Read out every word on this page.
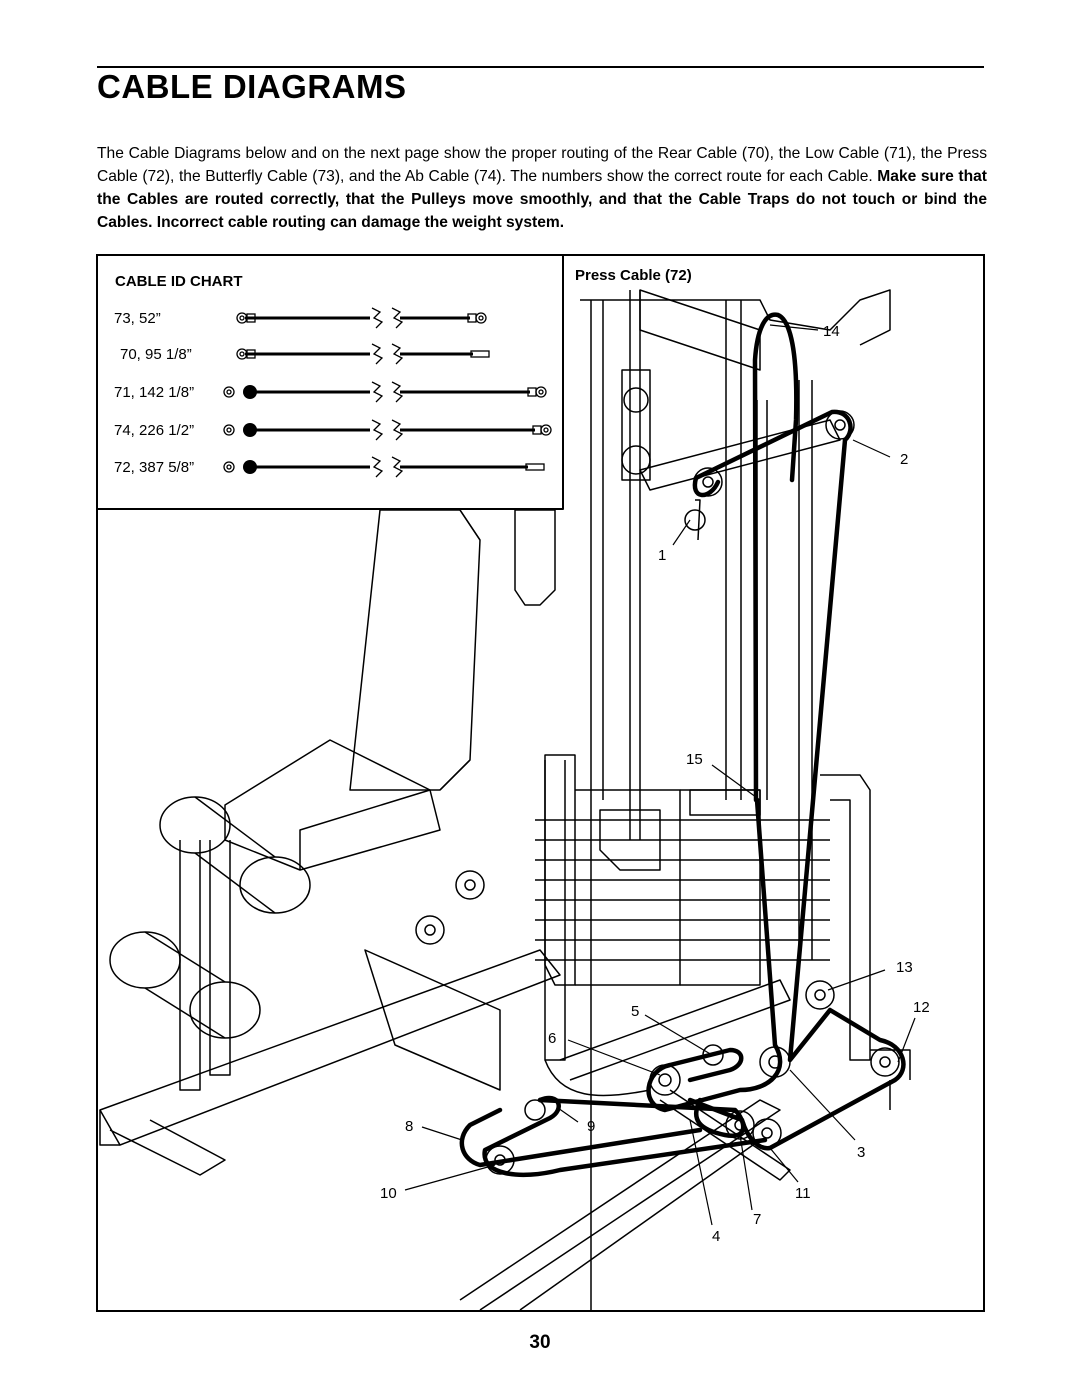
CABLE DIAGRAMS

The Cable Diagrams below and on the next page show the proper routing of the Rear Cable (70), the Low Cable (71), the Press Cable (72), the Butterfly Cable (73), and the Ab Cable (74). The numbers show the correct route for each Cable. Make sure that the Cables are routed correctly, that the Pulleys move smoothly, and that the Cable Traps do not touch or bind the Cables. Incorrect cable routing can damage the weight system.

CABLE ID CHART
73, 52”
70, 95 1/8”
71, 142 1/8”
74, 226 1/2”
72, 387 5/8”
Press Cable (72)
14
2
1
15
13
12
5
6
9
8
3
10	11
7
4
30
